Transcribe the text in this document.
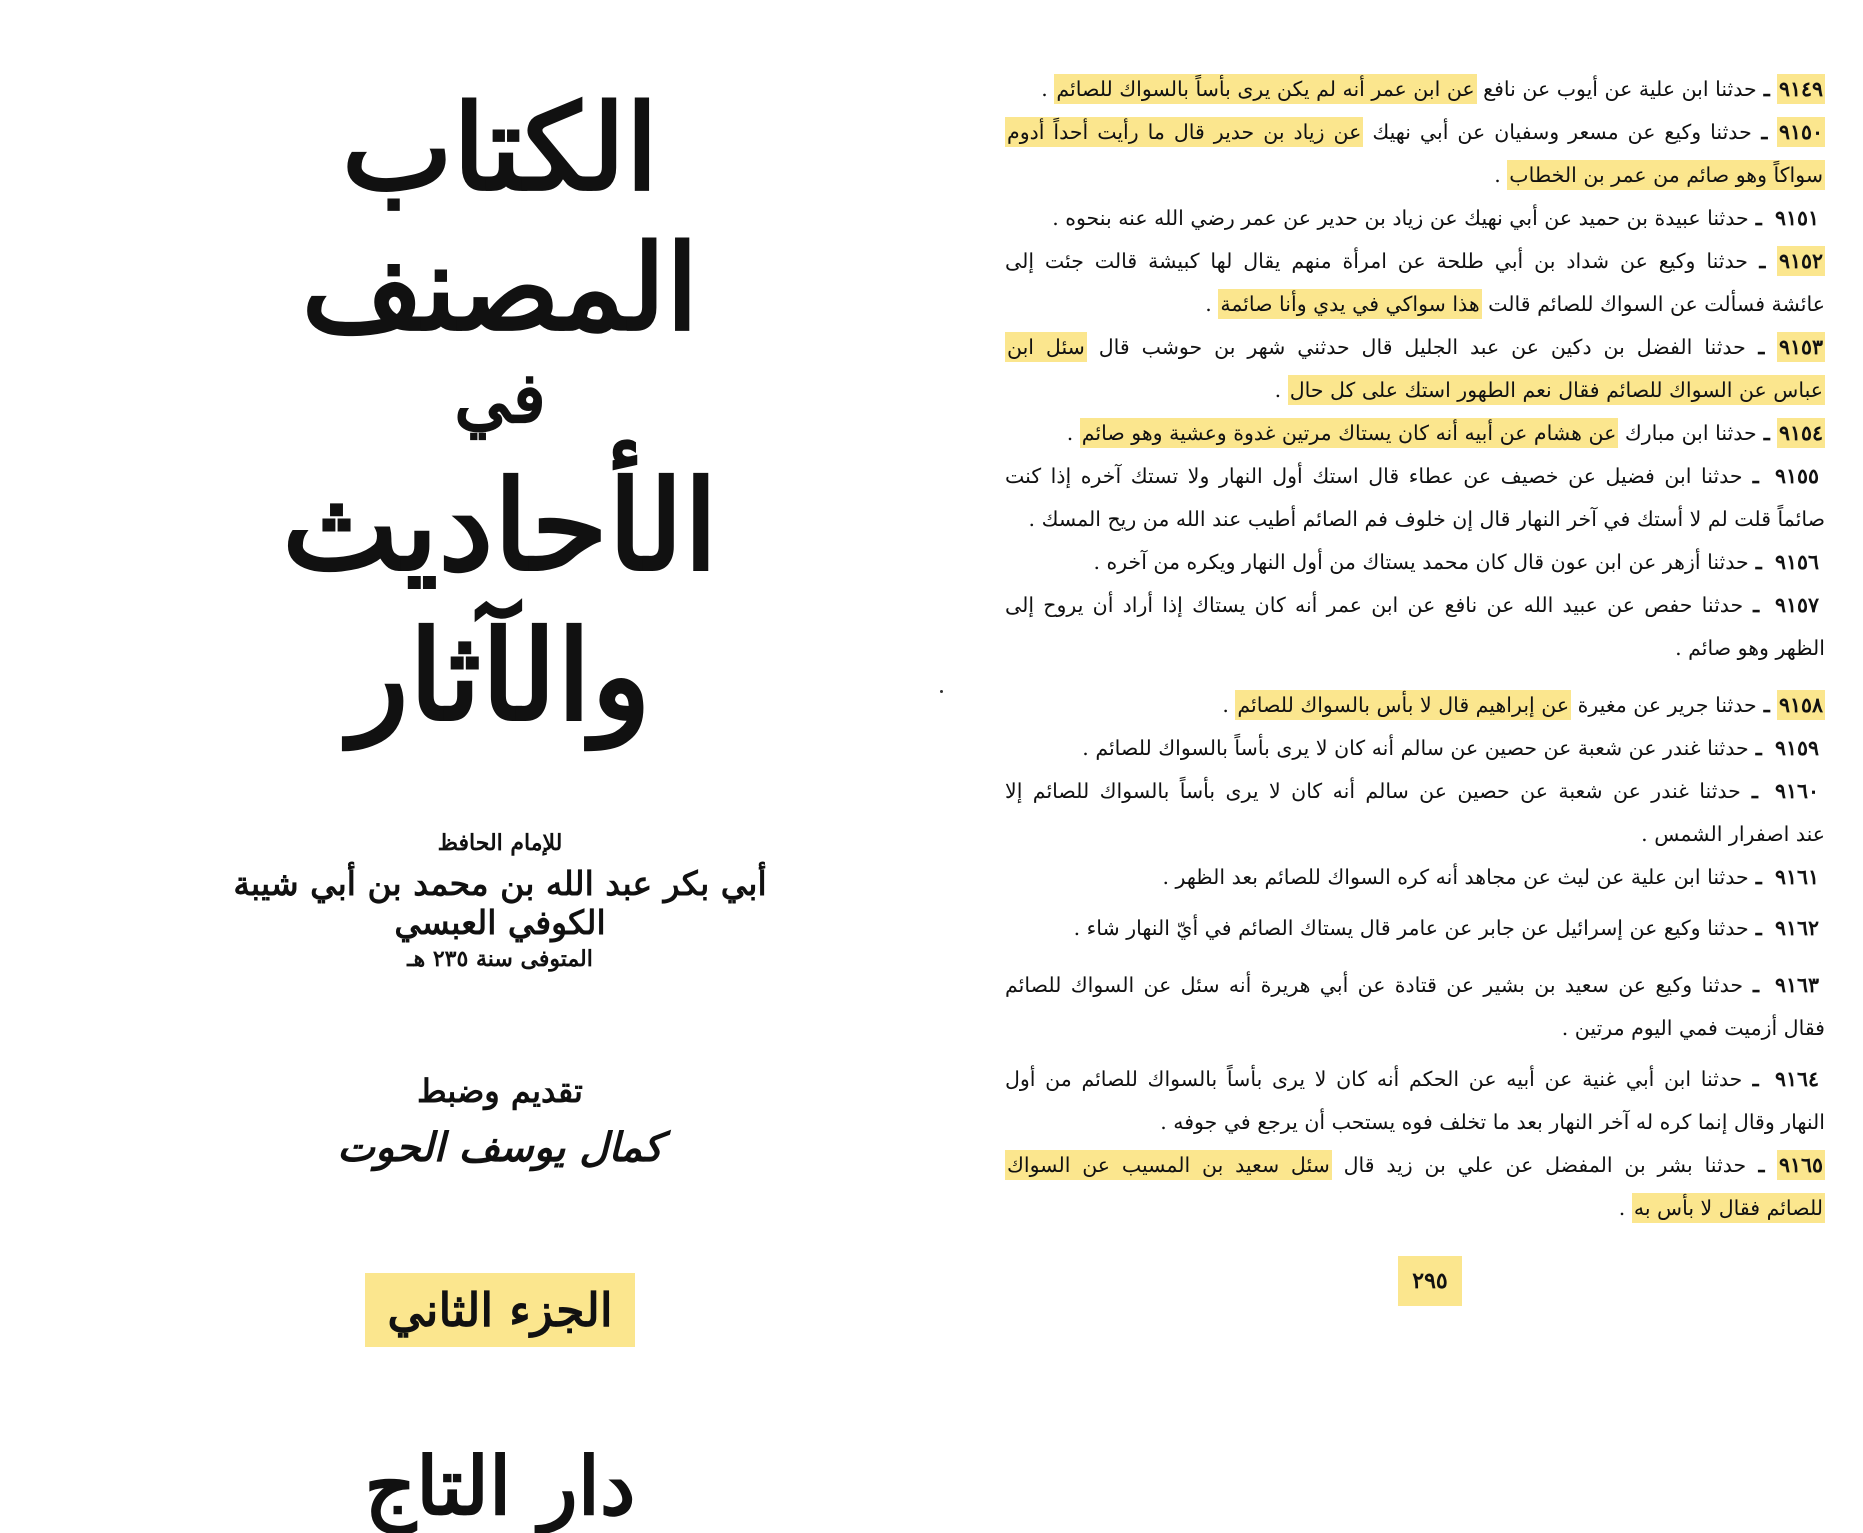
الكتاب المصنف
في
الأحاديث والآثار
للإمام الحافظ
أبي بكر عبد الله بن محمد بن أبي شيبة الكوفي العبسي
المتوفى سنة ٢٣٥ هـ
تقديم وضبط
كمال يوسف الحوت
الجزء الثاني
دار التاج
٩١٤٩ ـ حدثنا ابن علية عن أيوب عن نافع عن ابن عمر أنه لم يكن يرى بأساً بالسواك للصائم .
٩١٥٠ ـ حدثنا وكيع عن مسعر وسفيان عن أبي نهيك عن زياد بن حدير قال ما رأيت أحداً أدوم
سواكاً وهو صائم من عمر بن الخطاب .
٩١٥١ ـ حدثنا عبيدة بن حميد عن أبي نهيك عن زياد بن حدير عن عمر رضي الله عنه بنحوه .
٩١٥٢ ـ حدثنا وكيع عن شداد بن أبي طلحة عن امرأة منهم يقال لها كبيشة قالت جئت إلى
عائشة فسألت عن السواك للصائم قالت هذا سواكي في يدي وأنا صائمة .
٩١٥٣ ـ حدثنا الفضل بن دكين عن عبد الجليل قال حدثني شهر بن حوشب قال سئل ابن
عباس عن السواك للصائم فقال نعم الطهور استك على كل حال .
٩١٥٤ ـ حدثنا ابن مبارك عن هشام عن أبيه أنه كان يستاك مرتين غدوة وعشية وهو صائم .
٩١٥٥ ـ حدثنا ابن فضيل عن خصيف عن عطاء قال استك أول النهار ولا تستك آخره إذا كنت
صائماً قلت لم لا أستك في آخر النهار قال إن خلوف فم الصائم أطيب عند الله من ريح المسك .
٩١٥٦ ـ حدثنا أزهر عن ابن عون قال كان محمد يستاك من أول النهار ويكره من آخره .
٩١٥٧ ـ حدثنا حفص عن عبيد الله عن نافع عن ابن عمر أنه كان يستاك إذا أراد أن يروح إلى
الظهر وهو صائم .
٩١٥٨ ـ حدثنا جرير عن مغيرة عن إبراهيم قال لا بأس بالسواك للصائم .
٩١٥٩ ـ حدثنا غندر عن شعبة عن حصين عن سالم أنه كان لا يرى بأساً بالسواك للصائم .
٩١٦٠ ـ حدثنا غندر عن شعبة عن حصين عن سالم أنه كان لا يرى بأساً بالسواك للصائم إلا
عند اصفرار الشمس .
٩١٦١ ـ حدثنا ابن علية عن ليث عن مجاهد أنه كره السواك للصائم بعد الظهر .
٩١٦٢ ـ حدثنا وكيع عن إسرائيل عن جابر عن عامر قال يستاك الصائم في أيّ النهار شاء .
٩١٦٣ ـ حدثنا وكيع عن سعيد بن بشير عن قتادة عن أبي هريرة أنه سئل عن السواك للصائم
فقال أزميت فمي اليوم مرتين .
٩١٦٤ ـ حدثنا ابن أبي غنية عن أبيه عن الحكم أنه كان لا يرى بأساً بالسواك للصائم من أول
النهار وقال إنما كره له آخر النهار بعد ما تخلف فوه يستحب أن يرجع في جوفه .
٩١٦٥ ـ حدثنا بشر بن المفضل عن علي بن زيد قال سئل سعيد بن المسيب عن السواك
للصائم فقال لا بأس به .
٢٩٥
